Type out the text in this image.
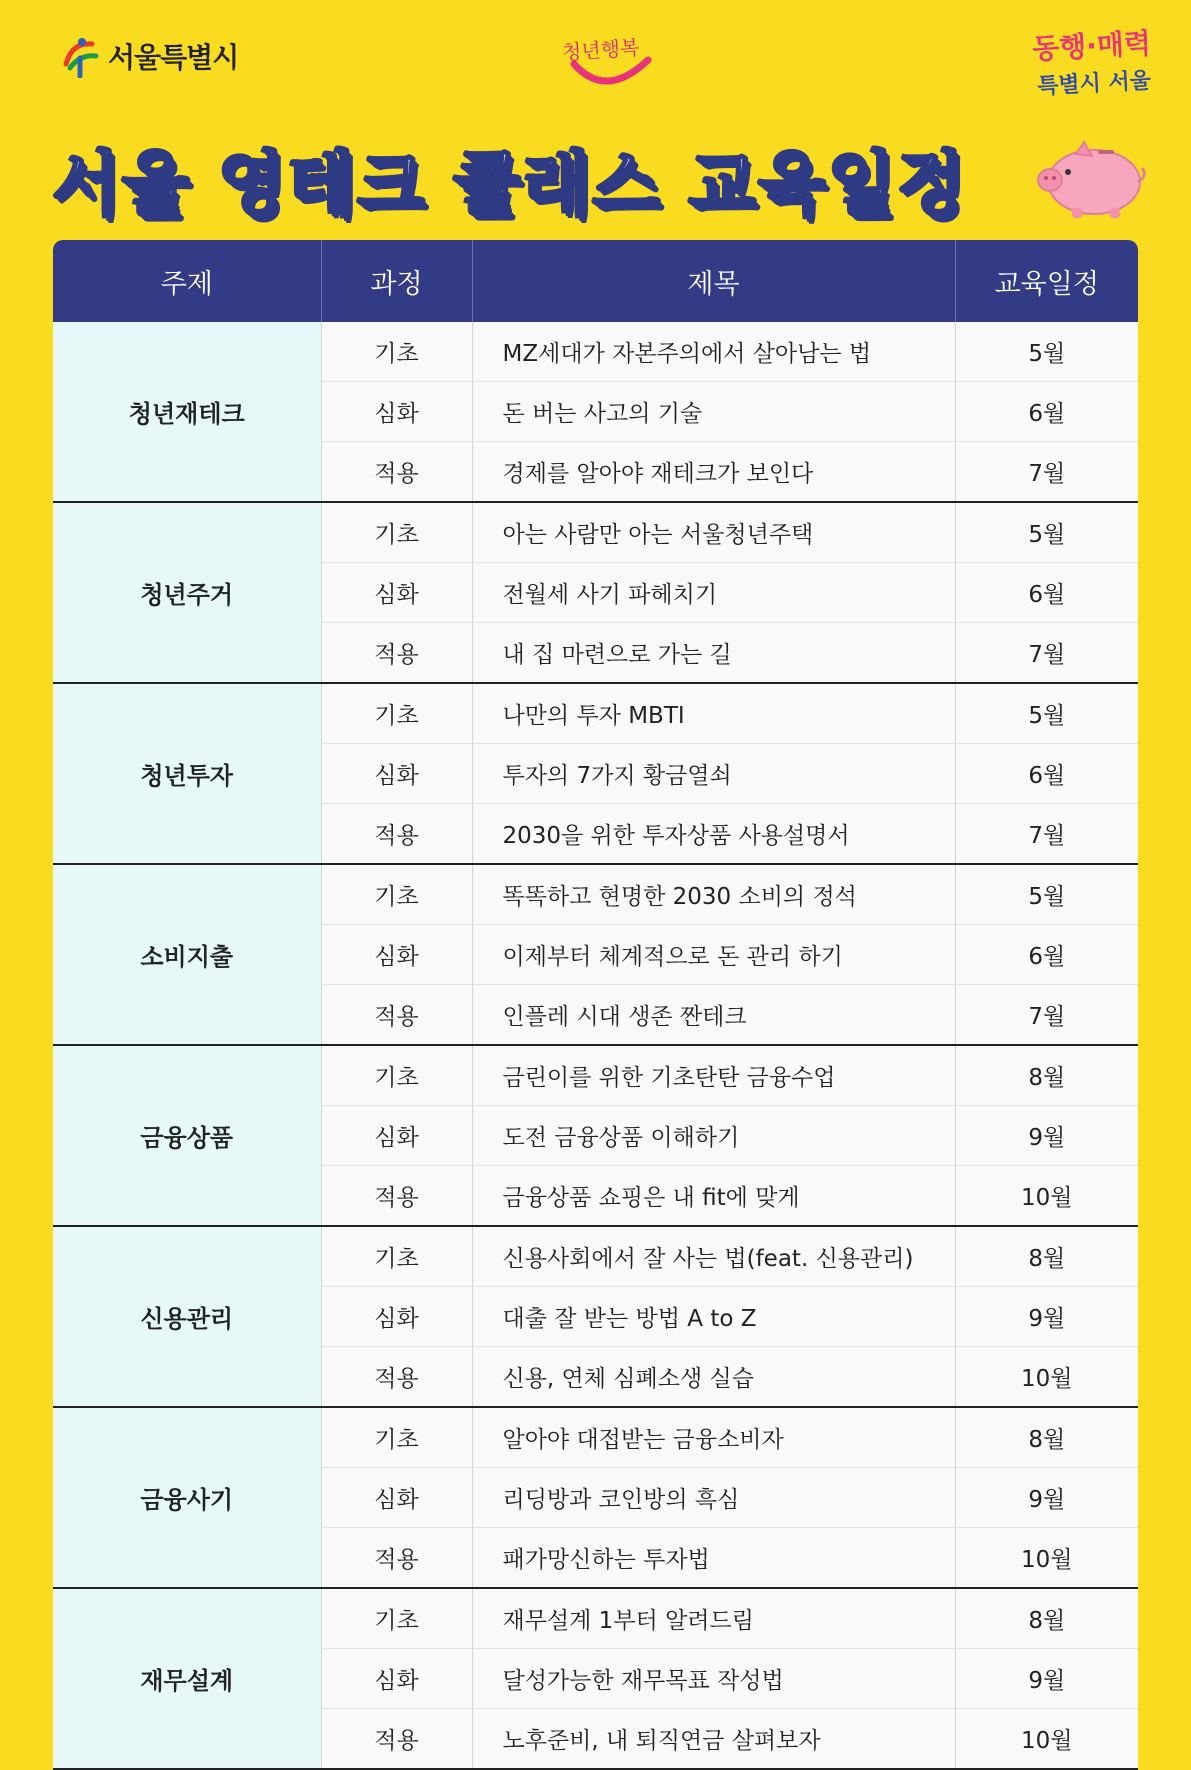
서울특별시	청년행복	동행·매력
특별시 서울
서울 영테크 클래스 교육일정
주제	과정	제목	교육일정
청년재테크	기초	MZ세대가 자본주의에서 살아남는 법	5월
	심화	돈 버는 사고의 기술	6월
	적용	경제를 알아야 재테크가 보인다	7월
청년주거	기초	아는 사람만 아는 서울청년주택	5월
	심화	전월세 사기 파헤치기	6월
	적용	내 집 마련으로 가는 길	7월
청년투자	기초	나만의 투자 MBTI	5월
	심화	투자의 7가지 황금열쇠	6월
	적용	2030을 위한 투자상품 사용설명서	7월
소비지출	기초	똑똑하고 현명한 2030 소비의 정석	5월
	심화	이제부터 체계적으로 돈 관리 하기	6월
	적용	인플레 시대 생존 짠테크	7월
금융상품	기초	금린이를 위한 기초탄탄 금융수업	8월
	심화	도전 금융상품 이해하기	9월
	적용	금융상품 쇼핑은 내 fit에 맞게	10월
신용관리	기초	신용사회에서 잘 사는 법(feat. 신용관리)	8월
	심화	대출 잘 받는 방법 A to Z	9월
	적용	신용, 연체 심폐소생 실습	10월
금융사기	기초	알아야 대접받는 금융소비자	8월
	심화	리딩방과 코인방의 흑심	9월
	적용	패가망신하는 투자법	10월
재무설계	기초	재무설계 1부터 알려드림	8월
	심화	달성가능한 재무목표 작성법	9월
	적용	노후준비, 내 퇴직연금 살펴보자	10월
